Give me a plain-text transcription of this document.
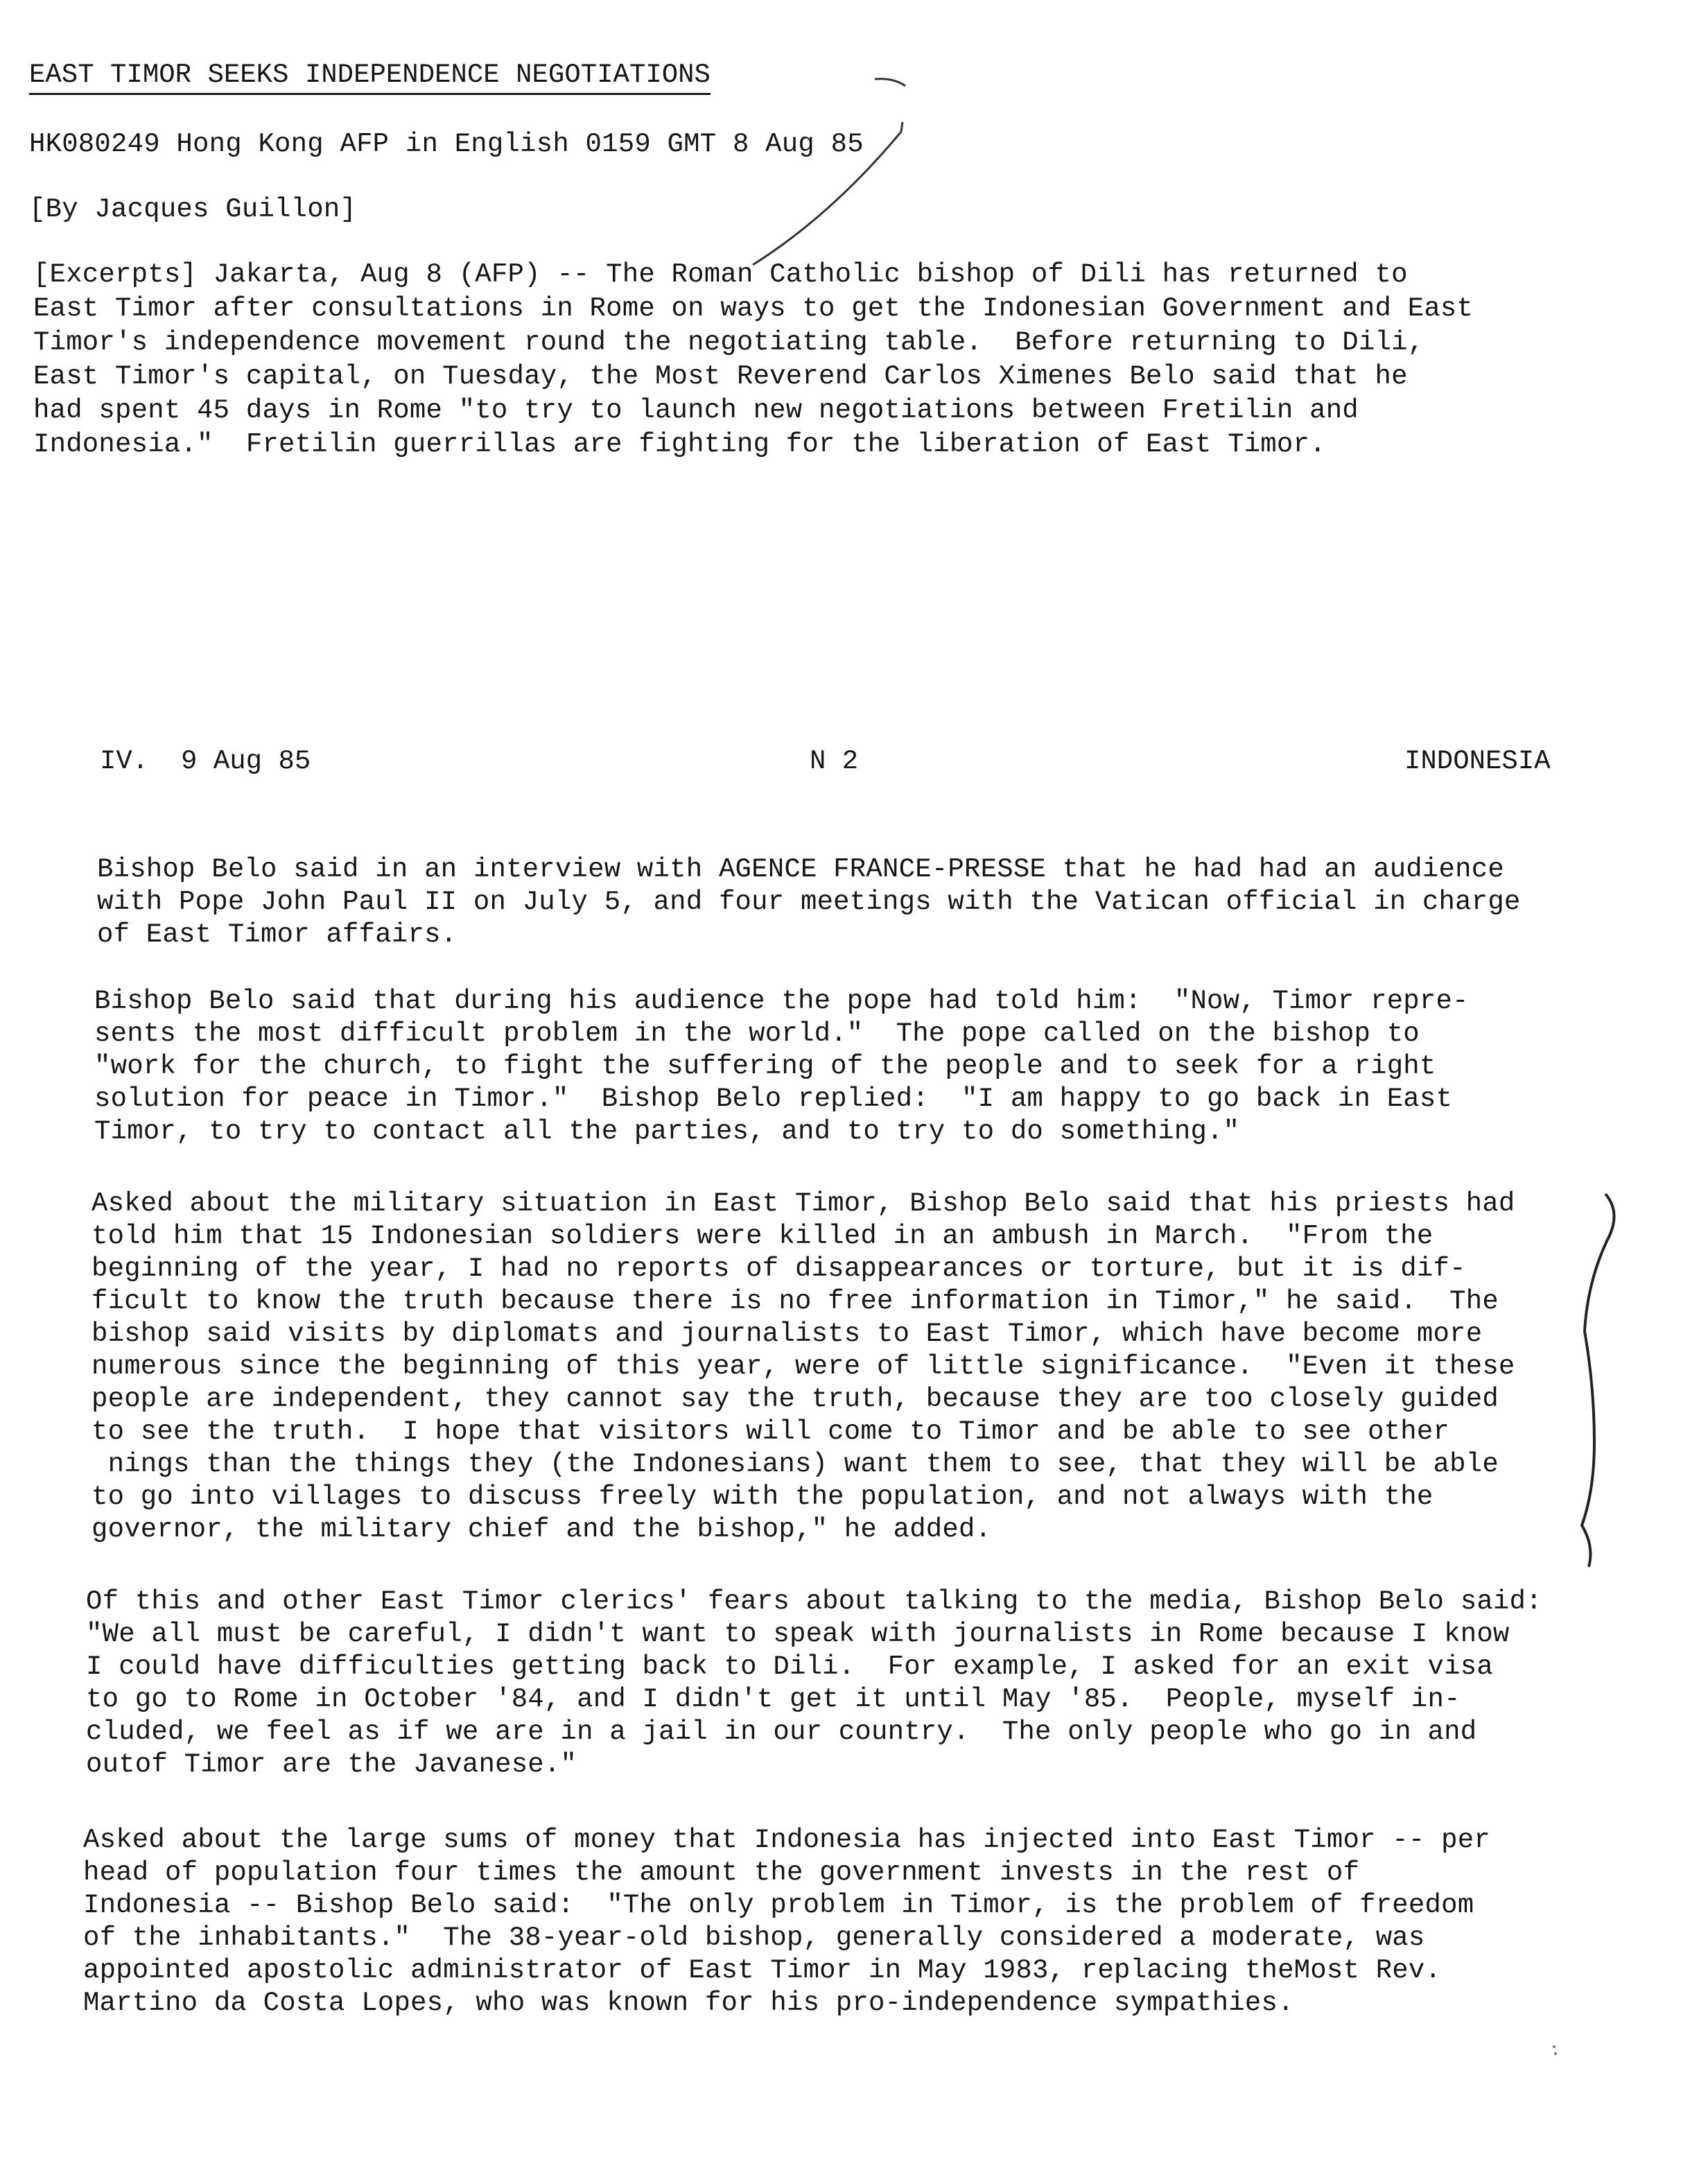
EAST TIMOR SEEKS INDEPENDENCE NEGOTIATIONS
HK080249 Hong Kong AFP in English 0159 GMT 8 Aug 85
[By Jacques Guillon]
[Excerpts] Jakarta, Aug 8 (AFP) -- The Roman Catholic bishop of Dili has returned to
East Timor after consultations in Rome on ways to get the Indonesian Government and East
Timor's independence movement round the negotiating table.  Before returning to Dili,
East Timor's capital, on Tuesday, the Most Reverend Carlos Ximenes Belo said that he
had spent 45 days in Rome "to try to launch new negotiations between Fretilin and
Indonesia."  Fretilin guerrillas are fighting for the liberation of East Timor.
IV.  9 Aug 85	N 2	INDONESIA
Bishop Belo said in an interview with AGENCE FRANCE-PRESSE that he had had an audience
with Pope John Paul II on July 5, and four meetings with the Vatican official in charge
of East Timor affairs.
Bishop Belo said that during his audience the pope had told him:  "Now, Timor repre-
sents the most difficult problem in the world."  The pope called on the bishop to
"work for the church, to fight the suffering of the people and to seek for a right
solution for peace in Timor."  Bishop Belo replied:  "I am happy to go back in East
Timor, to try to contact all the parties, and to try to do something."
Asked about the military situation in East Timor, Bishop Belo said that his priests had
told him that 15 Indonesian soldiers were killed in an ambush in March.  "From the
beginning of the year, I had no reports of disappearances or torture, but it is dif-
ficult to know the truth because there is no free information in Timor," he said.  The
bishop said visits by diplomats and journalists to East Timor, which have become more
numerous since the beginning of this year, were of little significance.  "Even it these
people are independent, they cannot say the truth, because they are too closely guided
to see the truth.  I hope that visitors will come to Timor and be able to see other
nings than the things they (the Indonesians) want them to see, that they will be able
to go into villages to discuss freely with the population, and not always with the
governor, the military chief and the bishop," he added.
Of this and other East Timor clerics' fears about talking to the media, Bishop Belo said:
"We all must be careful, I didn't want to speak with journalists in Rome because I know
I could have difficulties getting back to Dili.  For example, I asked for an exit visa
to go to Rome in October '84, and I didn't get it until May '85.  People, myself in-
cluded, we feel as if we are in a jail in our country.  The only people who go in and
outof Timor are the Javanese."
Asked about the large sums of money that Indonesia has injected into East Timor -- per
head of population four times the amount the government invests in the rest of
Indonesia -- Bishop Belo said:  "The only problem in Timor, is the problem of freedom
of the inhabitants."  The 38-year-old bishop, generally considered a moderate, was
appointed apostolic administrator of East Timor in May 1983, replacing theMost Rev.
Martino da Costa Lopes, who was known for his pro-independence sympathies.
